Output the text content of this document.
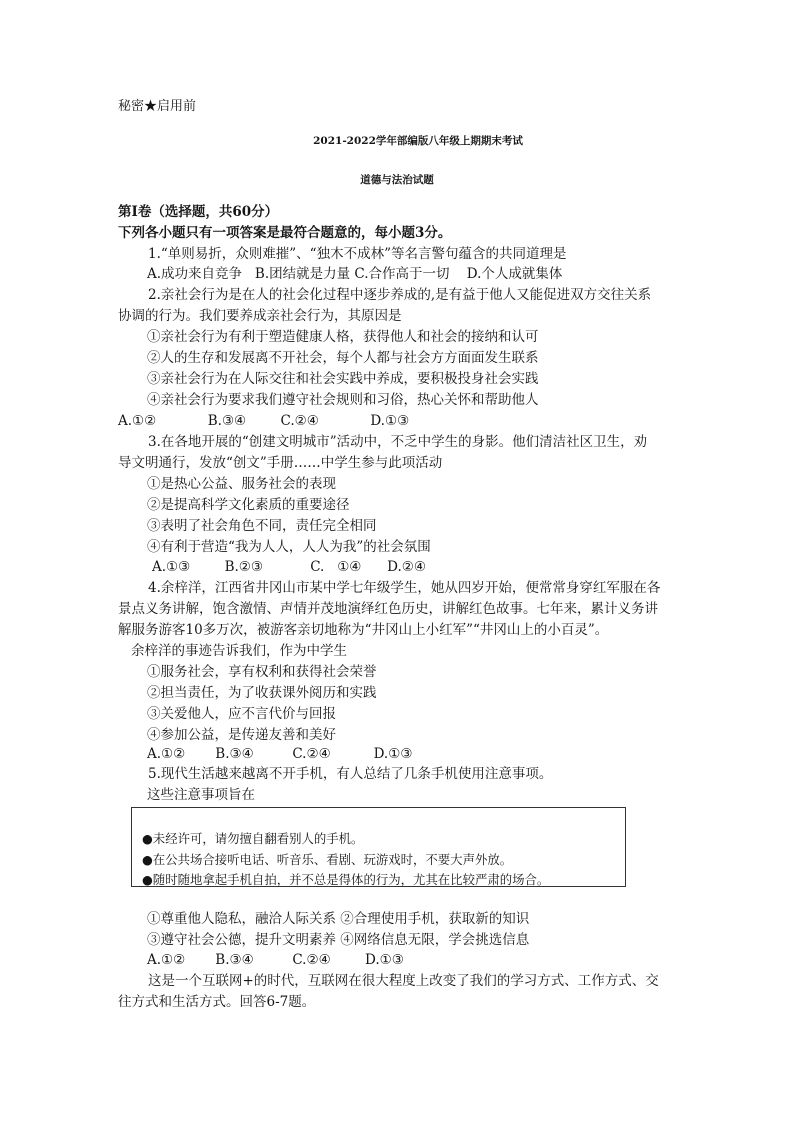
秘密★启用前
2021-2022学年部编版八年级上期期末考试
道德与法治试题
第Ⅰ卷（选择题，共60分）
下列各小题只有一项答案是最符合题意的，每小题3分。
1.“单则易折，众则难摧”、“独木不成林”等名言警句蕴含的共同道理是
A.成功来自竞争   B.团结就是力量 C.合作高于一切    D.个人成就集体
2.亲社会行为是在人的社会化过程中逐步养成的,是有益于他人又能促进双方交往关系
协调的行为。我们要养成亲社会行为，其原因是
①亲社会行为有利于塑造健康人格，获得他人和社会的接纳和认可
②人的生存和发展离不开社会，每个人都与社会方方面面发生联系
③亲社会行为在人际交往和社会实践中养成，要积极投身社会实践
④亲社会行为要求我们遵守社会规则和习俗，热心关怀和帮助他人
A.①②            B.③④        C.②④            D.①③
3.在各地开展的“创建文明城市”活动中，不乏中学生的身影。他们清洁社区卫生，劝
导文明通行，发放“创文”手册……中学生参与此项活动
①是热心公益、服务社会的表现
②是提高科学文化素质的重要途径
③表明了社会角色不同，责任完全相同
④有利于营造“我为人人，人人为我”的社会氛围
A.①③        B.②③           C.   ①④      D.②④
4.余梓洋，江西省井冈山市某中学七年级学生，她从四岁开始，便常常身穿红军服在各
景点义务讲解，饱含激情、声情并茂地演绎红色历史，讲解红色故事。七年来，累计义务讲
解服务游客10多万次，被游客亲切地称为“井冈山上小红军”“井冈山上的小百灵”。
余梓洋的事迹告诉我们，作为中学生
①服务社会，享有权利和获得社会荣誉
②担当责任，为了收获课外阅历和实践
③关爱他人，应不言代价与回报
④参加公益，是传递友善和美好
A.①②       B.③④         C.②④          D.①③
5.现代生活越来越离不开手机，有人总结了几条手机使用注意事项。
这些注意事项旨在
●未经许可，请勿擅自翻看别人的手机。
●在公共场合接听电话、听音乐、看剧、玩游戏时，不要大声外放。
●随时随地拿起手机自拍，并不总是得体的行为，尤其在比较严肃的场合。
①尊重他人隐私，融洽人际关系 ②合理使用手机，获取新的知识
③遵守社会公德，提升文明素养 ④网络信息无限，学会挑选信息
A.①②       B.③④         C.②④        D.①③
这是一个互联网+的时代，互联网在很大程度上改变了我们的学习方式、工作方式、交
往方式和生活方式。回答6-7题。
